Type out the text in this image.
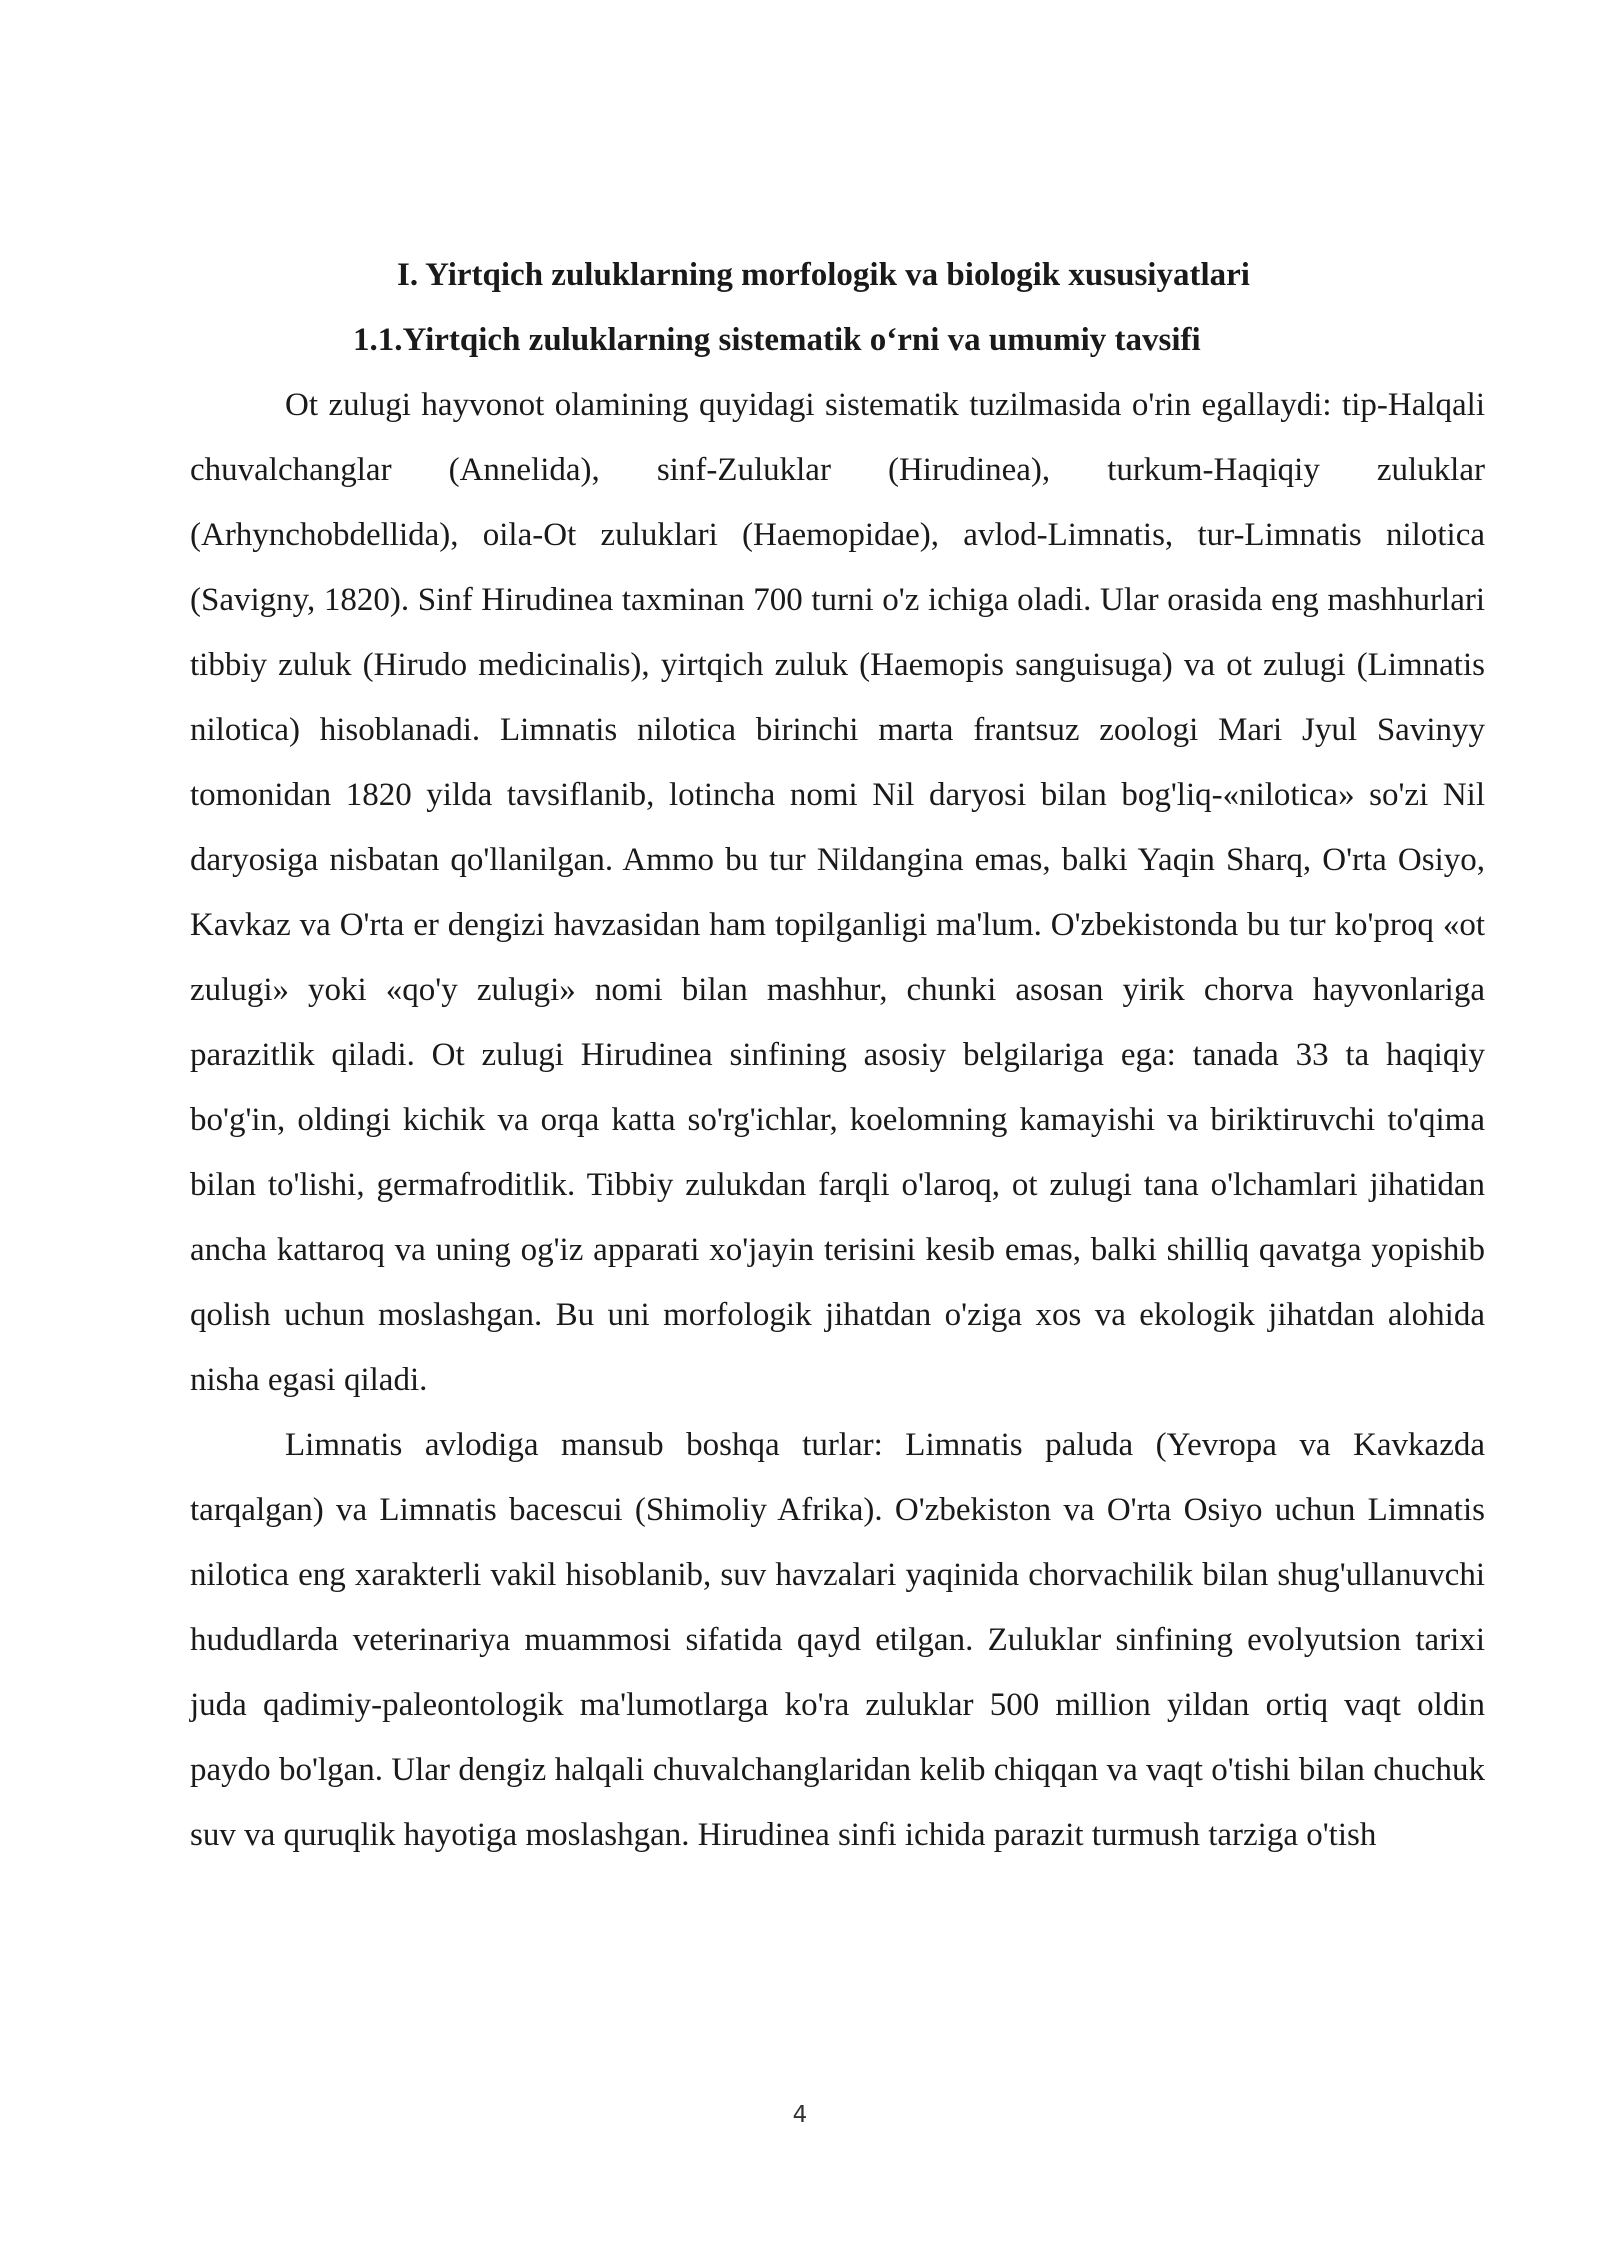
I. Yirtqich zuluklarning morfologik va biologik xususiyatlari

1.1.Yirtqich zuluklarning sistematik o‘rni va umumiy tavsifi

Ot zulugi hayvonot olamining quyidagi sistematik tuzilmasida o'rin egallaydi: tip-Halqali chuvalchanglar (Annelida), sinf-Zuluklar (Hirudinea), turkum-Haqiqiy zuluklar (Arhynchobdellida), oila-Ot zuluklari (Haemopidae), avlod-Limnatis, tur-Limnatis nilotica (Savigny, 1820). Sinf Hirudinea taxminan 700 turni o'z ichiga oladi. Ular orasida eng mashhurlari tibbiy zuluk (Hirudo medicinalis), yirtqich zuluk (Haemopis sanguisuga) va ot zulugi (Limnatis nilotica) hisoblanadi. Limnatis nilotica birinchi marta frantsuz zoologi Mari Jyul Savinyy tomonidan 1820 yilda tavsiflanib, lotincha nomi Nil daryosi bilan bog'liq-«nilotica» so'zi Nil daryosiga nisbatan qo'llanilgan. Ammo bu tur Nildangina emas, balki Yaqin Sharq, O'rta Osiyo, Kavkaz va O'rta er dengizi havzasidan ham topilganligi ma'lum. O'zbekistonda bu tur ko'proq «ot zulugi» yoki «qo'y zulugi» nomi bilan mashhur, chunki asosan yirik chorva hayvonlariga parazitlik qiladi. Ot zulugi Hirudinea sinfining asosiy belgilariga ega: tanada 33 ta haqiqiy bo'g'in, oldingi kichik va orqa katta so'rg'ichlar, koelomning kamayishi va biriktiruvchi to'qima bilan to'lishi, germafroditlik. Tibbiy zulukdan farqli o'laroq, ot zulugi tana o'lchamlari jihatidan ancha kattaroq va uning og'iz apparati xo'jayin terisini kesib emas, balki shilliq qavatga yopishib qolish uchun moslashgan. Bu uni morfologik jihatdan o'ziga xos va ekologik jihatdan alohida nisha egasi qiladi.

Limnatis avlodiga mansub boshqa turlar: Limnatis paluda (Yevropa va Kavkazda tarqalgan) va Limnatis bacescui (Shimoliy Afrika). O'zbekiston va O'rta Osiyo uchun Limnatis nilotica eng xarakterli vakil hisoblanib, suv havzalari yaqinida chorvachilik bilan shug'ullanuvchi hududlarda veterinariya muammosi sifatida qayd etilgan. Zuluklar sinfining evolyutsion tarixi juda qadimiy-paleontologik ma'lumotlarga ko'ra zuluklar 500 million yildan ortiq vaqt oldin paydo bo'lgan. Ular dengiz halqali chuvalchanglaridan kelib chiqqan va vaqt o'tishi bilan chuchuk suv va quruqlik hayotiga moslashgan. Hirudinea sinfi ichida parazit turmush tarziga o'tish

4
